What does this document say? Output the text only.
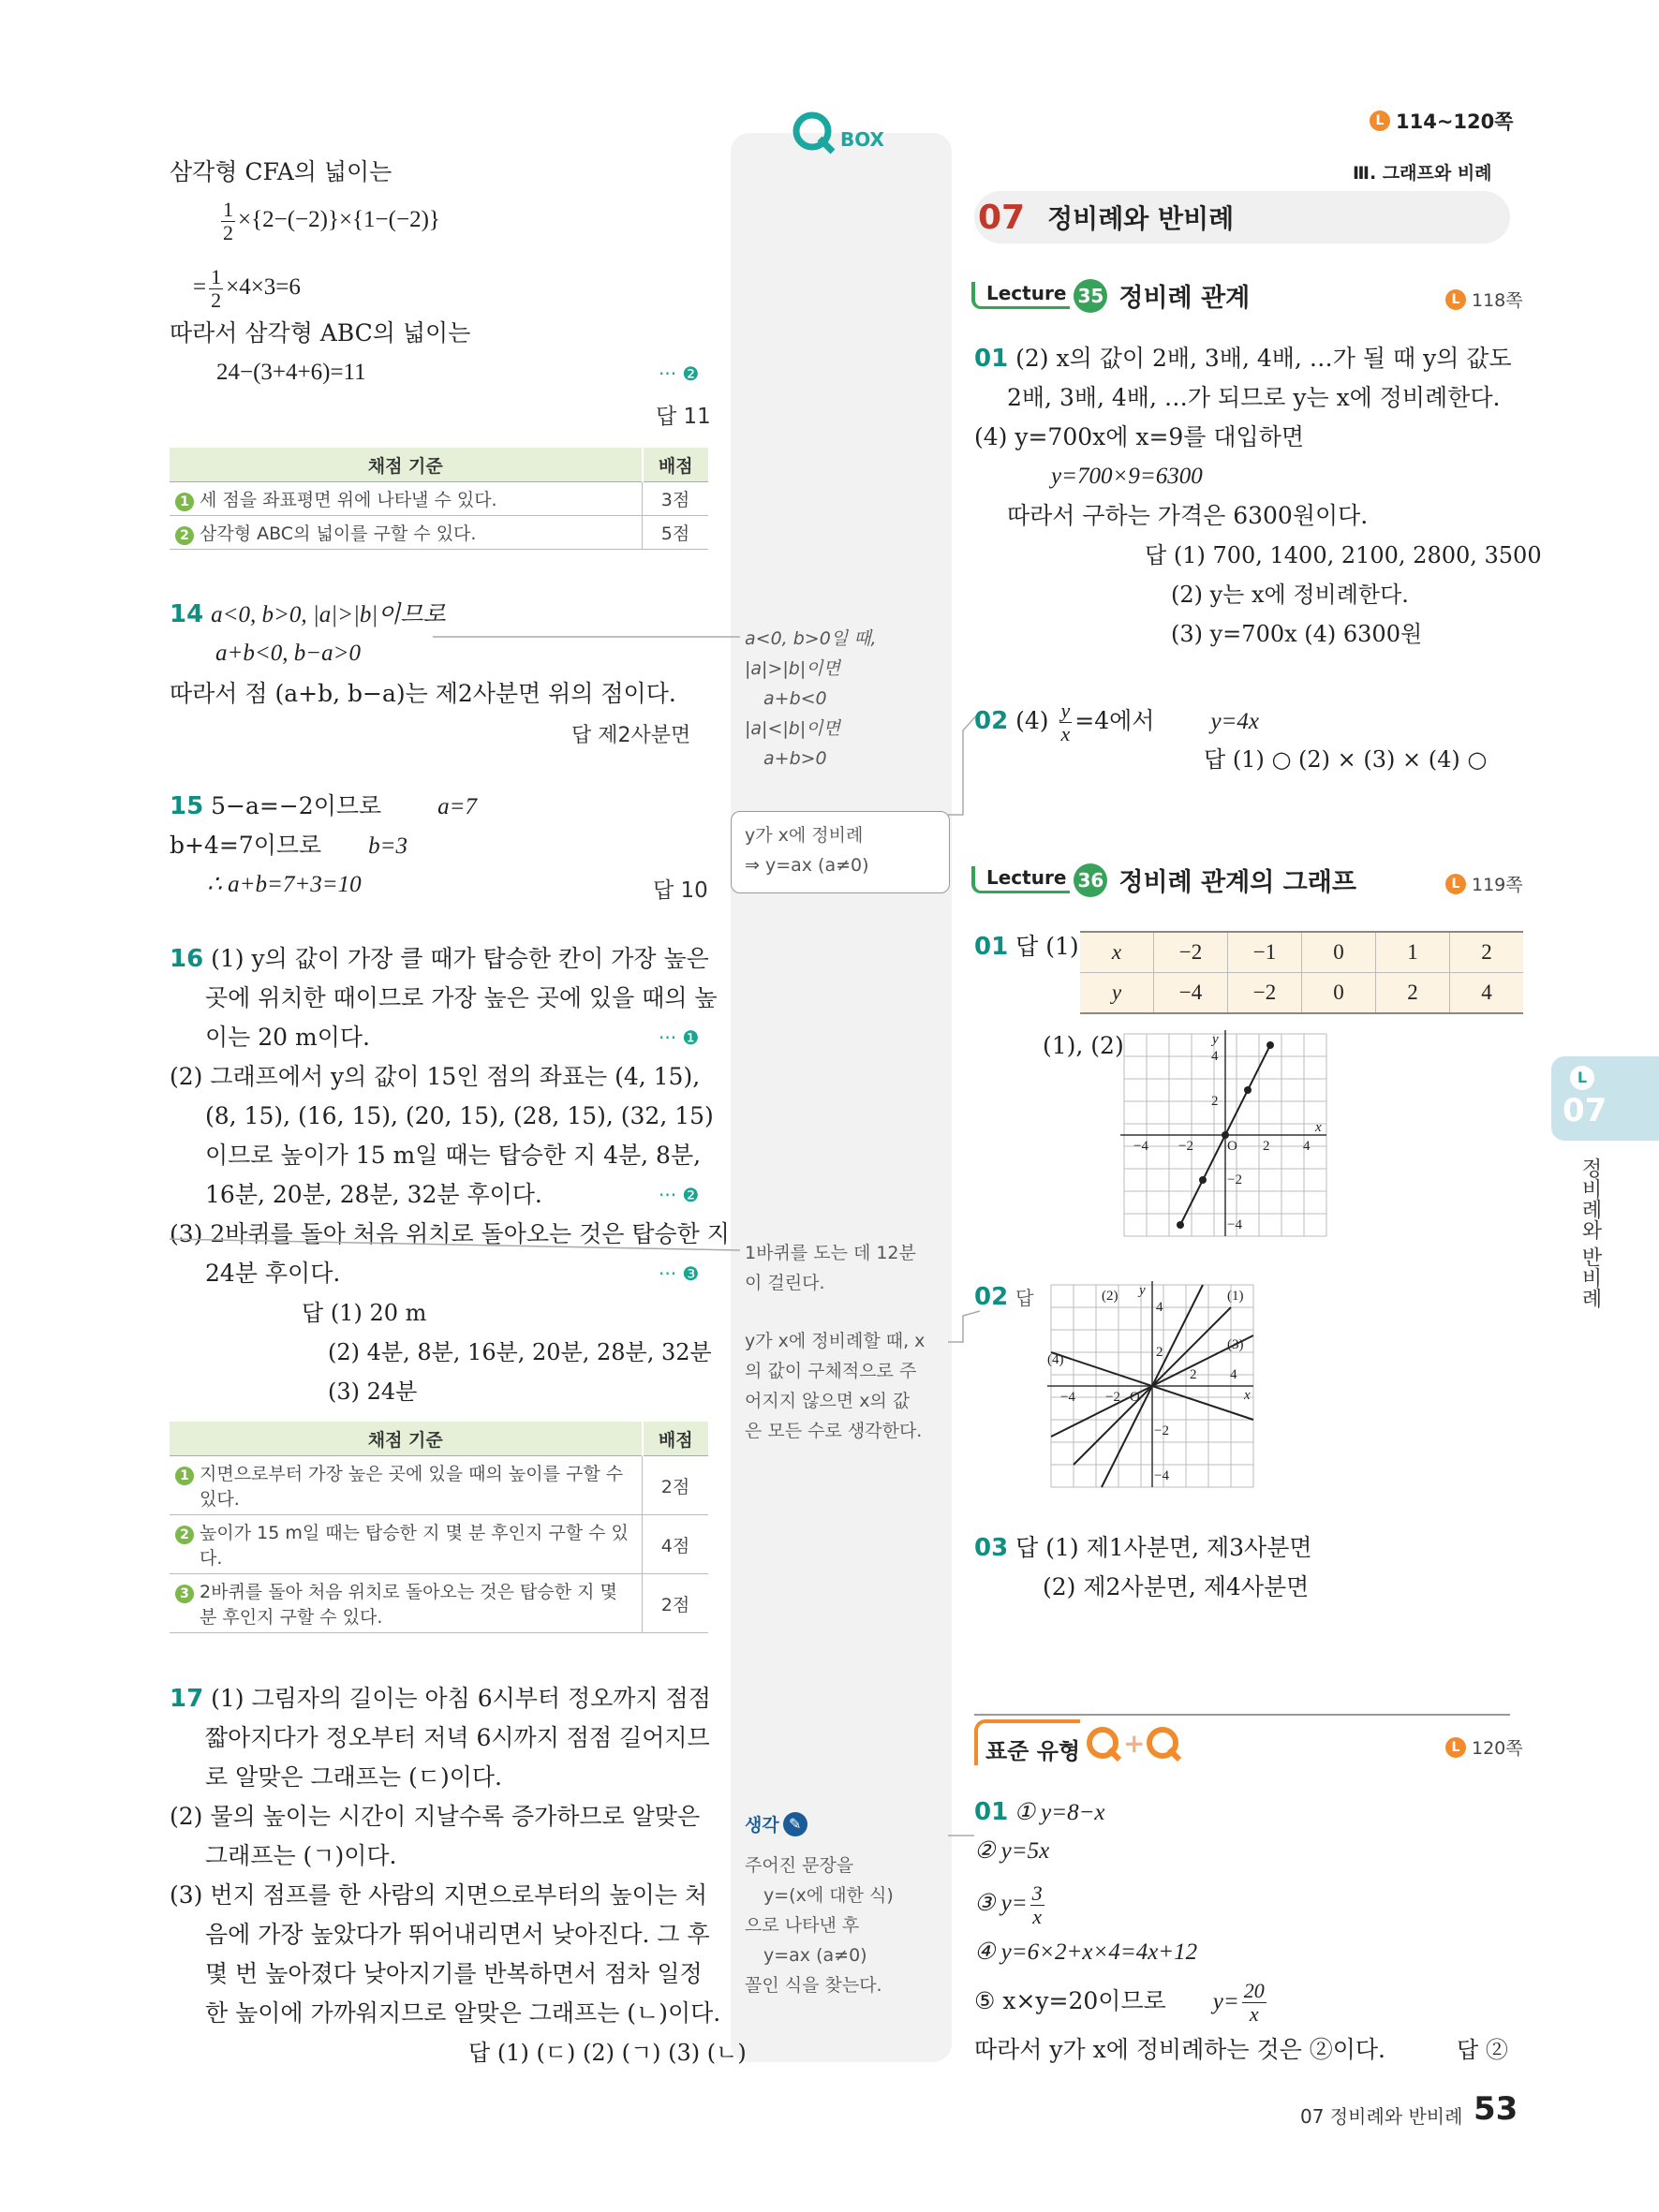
BOX
L 114~120쪽
Ⅲ. 그래프와 비례
07 정비례와 반비례
삼각형 CFA의 넓이는
$\frac{1}{2} \times\{2-(-2)\}\times\{1-(-2)\}$
= $\frac{1}{2} \times 4\times 3=6$
따라서 삼각형 ABC의 넓이는
24−(3+4+6)=11	··· ❷
답 11
채점 기준	배점
1 세 점을 좌표평면 위에 나타낼 수 있다.	3점
2 삼각형 ABC의 넓이를 구할 수 있다.	5점
14 a<0, b>0, |a|>|b|이므로
a+b<0, b−a>0
따라서 점 (a+b, b−a)는 제2사분면 위의 점이다.
답 제2사분면
15 5−a=−2이므로 a=7
b+4=7이므로 b=3
∴ a+b=7+3=10	답 10
16 (1) y의 값이 가장 클 때가 탑승한 칸이 가장 높은
곳에 위치한 때이므로 가장 높은 곳에 있을 때의 높
이는 20 m이다.	··· ❶
(2) 그래프에서 y의 값이 15인 점의 좌표는 (4, 15),
(8, 15), (16, 15), (20, 15), (28, 15), (32, 15)
이므로 높이가 15 m일 때는 탑승한 지 4분, 8분,
16분, 20분, 28분, 32분 후이다.	··· ❷
(3) 2바퀴를 돌아 처음 위치로 돌아오는 것은 탑승한 지
24분 후이다.	··· ❸
답 (1) 20 m
(2) 4분, 8분, 16분, 20분, 28분, 32분
(3) 24분
채점 기준	배점
1 지면으로부터 가장 높은 곳에 있을 때의 높이를 구할 수
있다.	2점
2 높이가 15 m일 때는 탑승한 지 몇 분 후인지 구할 수 있
다.	4점
3 2바퀴를 돌아 처음 위치로 돌아오는 것은 탑승한 지 몇
분 후인지 구할 수 있다.	2점
17 (1) 그림자의 길이는 아침 6시부터 정오까지 점점
짧아지다가 정오부터 저녁 6시까지 점점 길어지므
로 알맞은 그래프는 (ㄷ)이다.
(2) 물의 높이는 시간이 지날수록 증가하므로 알맞은
그래프는 (ㄱ)이다.
(3) 번지 점프를 한 사람의 지면으로부터의 높이는 처
음에 가장 높았다가 뛰어내리면서 낮아진다. 그 후
몇 번 높아졌다 낮아지기를 반복하면서 점차 일정
한 높이에 가까워지므로 알맞은 그래프는 (ㄴ)이다.
답 (1) (ㄷ) (2) (ㄱ) (3) (ㄴ)
a<0, b>0일 때,
|a|>|b|이면
a+b<0
|a|<|b|이면
a+b>0
y가 x에 정비례
⇒ y=ax (a≠0)
1바퀴를 도는 데 12분
이 걸린다.
y가 x에 정비례할 때, x
의 값이 구체적으로 주
어지지 않으면 x의 값
은 모든 수로 생각한다.
생각 ✎
주어진 문장을
y=(x에 대한 식)
으로 나타낸 후
y=ax (a≠0)
꼴인 식을 찾는다.
Lecture 35 정비례 관계	L 118쪽
01 (2) x의 값이 2배, 3배, 4배, …가 될 때 y의 값도
2배, 3배, 4배, …가 되므로 y는 x에 정비례한다.
(4) y=700x에 x=9를 대입하면
y=700×9=6300
따라서 구하는 가격은 6300원이다.
답 (1) 700, 1400, 2100, 2800, 3500
(2) y는 x에 정비례한다.
(3) y=700x (4) 6300원
02 $(4) \frac{y}{x} =4$에서 y=4x
답 (1) ○ (2) × (3) × (4) ○
Lecture 36 정비례 관계의 그래프	L 119쪽
01 답 (1) x	−2	−1	0	1	2
y	−4	−2	0	2	4
(1), (2)	y
x
O
4
2
−2
−4
−4 −2	2 4
02 답	(1)
(2)
(3)
(4)
y
x
O
4
2
−2
−4
−4 −2
2 4
03 답 (1) 제1사분면, 제3사분면
(2) 제2사분면, 제4사분면
표준 유형 +	L 120쪽
01 ① y=8−x
② y=5x
③ $y= \frac{3}{x}$
④ y=6×2+x×4=4x+12
⑤ x×y=20이므로 $y= \frac{20}{x}$
따라서 y가 x에 정비례하는 것은 ②이다.	답 ②
L
07
정비례와 반비례
07 정비례와 반비례 53
